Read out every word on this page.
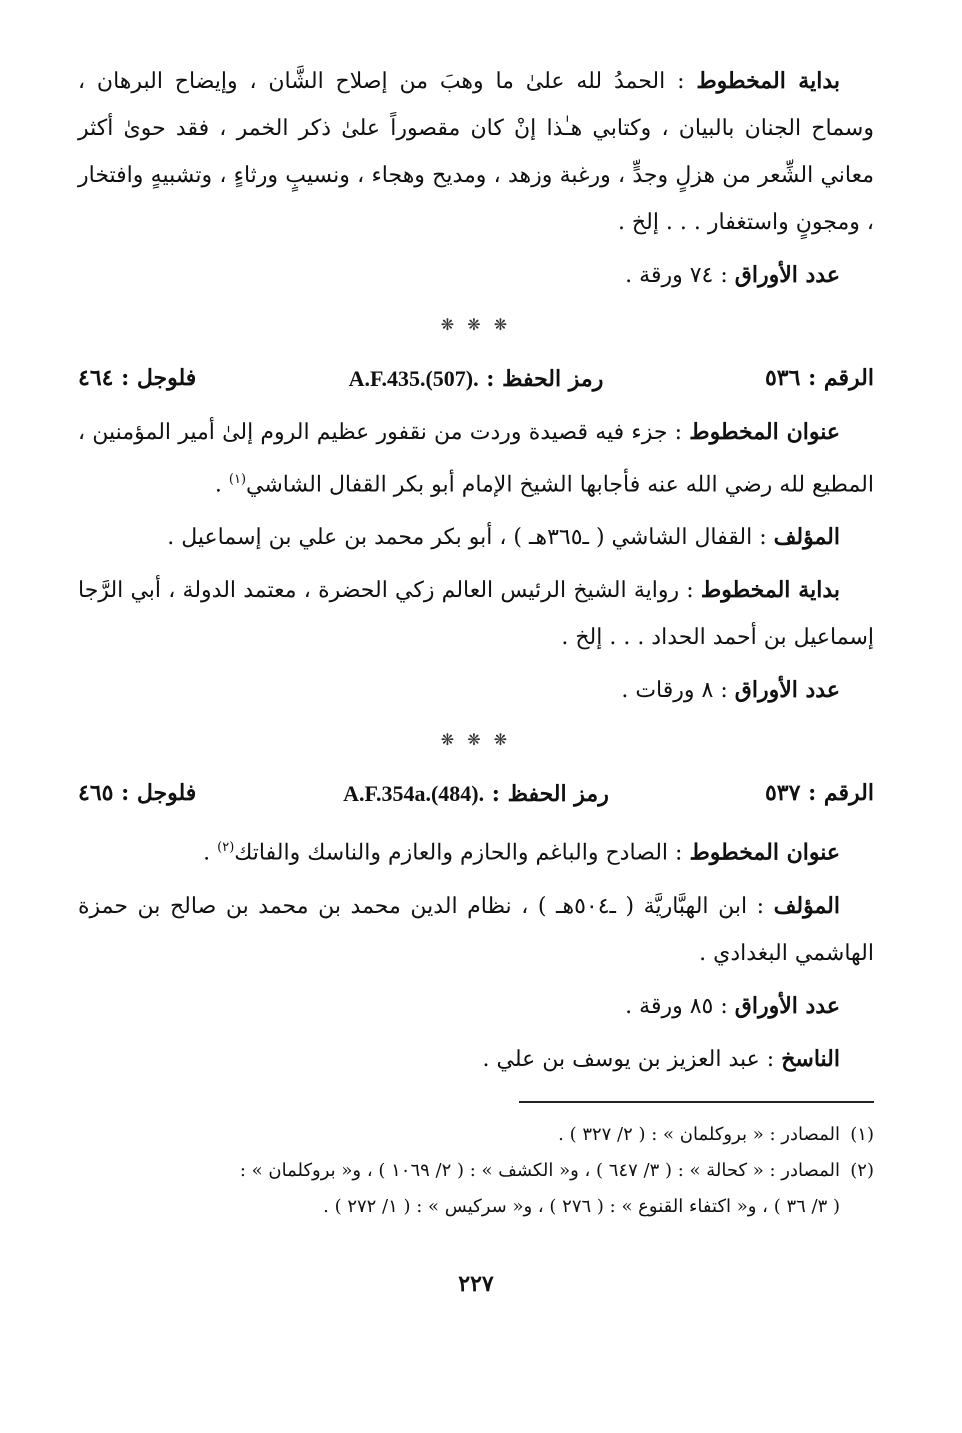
بداية المخطوط : الحمدُ لله علىٰ ما وهبَ من إصلاح الشَّان ، وإيضاح البرهان ، وسماح الجنان بالبيان ، وكتابي هـٰذا إنْ كان مقصوراً علىٰ ذكر الخمر ، فقد حوىٰ أكثر معاني الشِّعر من هزلٍ وجدٍّ ، ورغبة وزهد ، ومديح وهجاء ، ونسيبٍ ورثاءٍ ، وتشبيهٍ وافتخار ، ومجونٍ واستغفار . . . إلخ .

عدد الأوراق : ٧٤ ورقة .

❋ ❋ ❋
الرقم : ٥٣٦
رمز الحفظ : A.F.435.(507).
فلوجل : ٤٦٤

عنوان المخطوط : جزء فيه قصيدة وردت من نقفور عظيم الروم إلىٰ أمير المؤمنين ، المطيع لله رضي الله عنه فأجابها الشيخ الإمام أبو بكر القفال الشاشي$^{(١)}$ .

المؤلف : القفال الشاشي ( ـ٣٦٥هـ ) ، أبو بكر محمد بن علي بن إسماعيل .

بداية المخطوط : رواية الشيخ الرئيس العالم زكي الحضرة ، معتمد الدولة ، أبي الرَّجا إسماعيل بن أحمد الحداد . . . إلخ .

عدد الأوراق : ٨ ورقات .

❋ ❋ ❋
الرقم : ٥٣٧
رمز الحفظ : A.F.354a.(484).
فلوجل : ٤٦٥

عنوان المخطوط : الصادح والباغم والحازم والعازم والناسك والفاتك$^{(٢)}$ .

المؤلف : ابن الهبَّاريَّة ( ـ٥٠٤هـ ) ، نظام الدين محمد بن محمد بن صالح بن حمزة الهاشمي البغدادي .

عدد الأوراق : ٨٥ ورقة .

الناسخ : عبد العزيز بن يوسف بن علي .

(١)المصادر : « بروكلمان » : ( ٢/ ٣٢٧ ) .

(٢)المصادر : « كحالة » : ( ٣/ ٦٤٧ ) ، و« الكشف » : ( ٢/ ١٠٦٩ ) ، و« بروكلمان » :

( ٣/ ٣٦ ) ، و« اكتفاء القنوع » : ( ٢٧٦ ) ، و« سركيس » : ( ١/ ٢٧٢ ) .

٢٢٧
